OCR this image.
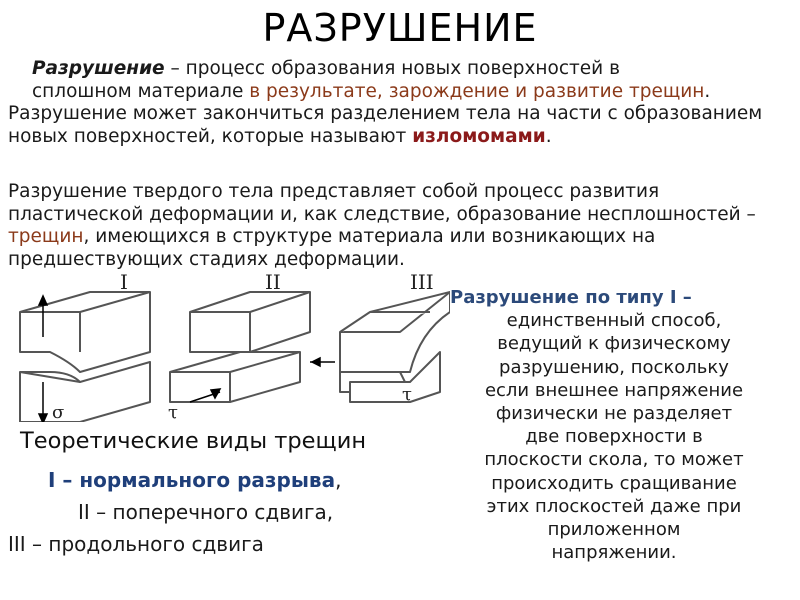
РАЗРУШЕНИЕ
Разрушение – процесс образования новых поверхностей в
сплошном материале в результате, зарождение и развитие трещин. Разрушение может закончиться разделением тела на части с образованием новых поверхностей, которые называют изломомами.
Разрушение твердого тела представляет собой процесс развития пластической деформации и, как следствие, образование несплошностей – трещин, имеющихся в структуре материала или возникающих на предшествующих стадиях деформации.
I	II	III
σ	τ
τ
Теоретические виды трещин
I – нормального разрыва,
II – поперечного сдвига,
III – продольного сдвига
Разрушение по типу I –
единственный способ,
ведущий к физическому
разрушению, поскольку
если внешнее напряжение
физически не разделяет
две поверхности в
плоскости скола, то может
происходить сращивание
этих плоскостей даже при
приложенном
напряжении.
